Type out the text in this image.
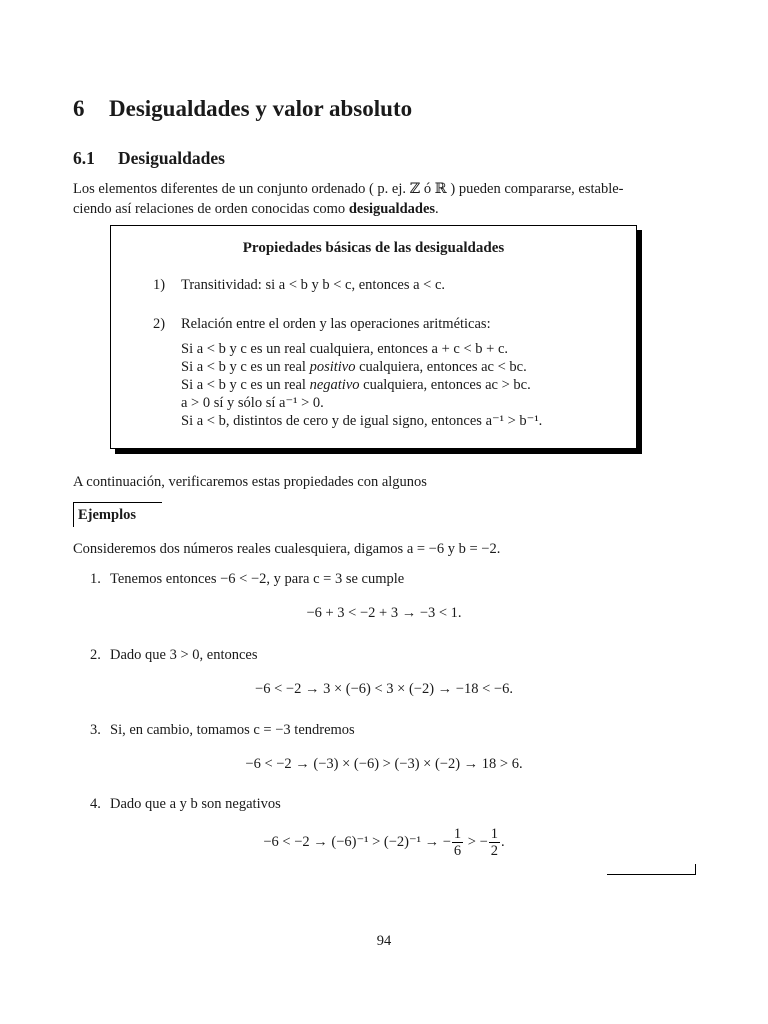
6 Desigualdades y valor absoluto
6.1 Desigualdades
Los elementos diferentes de un conjunto ordenado ( p. ej. ℤ ó ℝ ) pueden compararse, estable-
ciendo así relaciones de orden conocidas como desigualdades.
Propiedades básicas de las desigualdades
1) Transitividad: si a < b y b < c, entonces a < c.
2) Relación entre el orden y las operaciones aritméticas:
Si a < b y c es un real cualquiera, entonces a + c < b + c.
Si a < b y c es un real positivo cualquiera, entonces ac < bc.
Si a < b y c es un real negativo cualquiera, entonces ac > bc.
a > 0 sí y sólo sí a⁻¹ > 0.
Si a < b, distintos de cero y de igual signo, entonces a⁻¹ > b⁻¹.
A continuación, verificaremos estas propiedades con algunos
Ejemplos
Consideremos dos números reales cualesquiera, digamos a = −6 y b = −2.
1. Tenemos entonces −6 < −2, y para c = 3 se cumple
−6 + 3 < −2 + 3 → −3 < 1.
2. Dado que 3 > 0, entonces
−6 < −2 → 3 × (−6) < 3 × (−2) → −18 < −6.
3. Si, en cambio, tomamos c = −3 tendremos
−6 < −2 → (−3) × (−6) > (−3) × (−2) → 18 > 6.
4. Dado que a y b son negativos
−6 < −2 → (−6)⁻¹ > (−2)⁻¹ → − $\frac{1}{6}$ > − $\frac{1}{2}$ .
94
